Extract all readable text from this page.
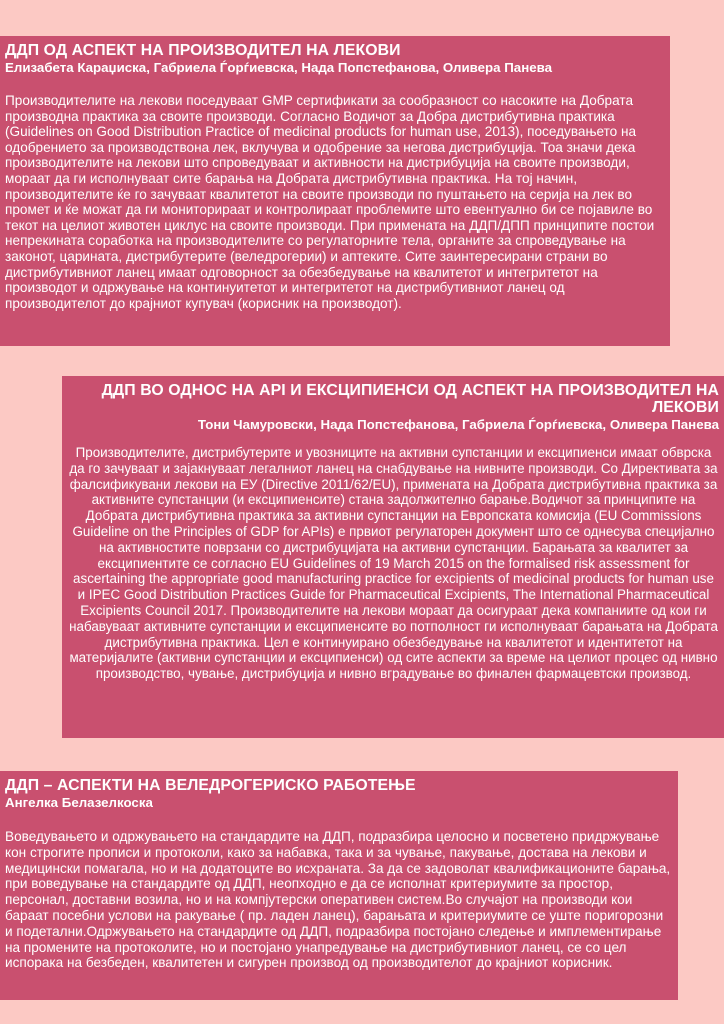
ДДП ОД АСПЕКТ НА ПРОИЗВОДИТЕЛ НА ЛЕКОВИ

Елизабета Караџиска, Габриела Ѓорѓиевска, Нада Попстефанова, Оливера Панева

Производителите на лекови поседуваат GMP сертификати за сообразност со насоките на Добрата производна практика за своите производи. Согласно Водичот за Добра дистрибутивна практика (Guidelines on Good Distribution Practice of medicinal products for human use, 2013), поседувањето на одобрението за производствона лек, вклучува и одобрение за негова дистрибуција. Тоа значи дека производителите на лекови што спроведуваат и активности на дистрибуција на своите производи, мораат да ги исполнуваат сите барања на Добрата дистрибутивна практика. На тој начин, производителите ќе го зачуваат квалитетот на своите производи по пуштањето на серија на лек во промет и ќе можат да ги мониторираат и контролираат проблемите што евентуално би се појавиле во текот на целиот животен циклус на своите производи. При примената на ДДП/ДПП принципите постои непрекината соработка на производителите со регулаторните тела, органите за спроведување на законот, царината, дистрибутерите (веледрогерии) и аптеките. Сите заинтересирани страни во дистрибутивниот ланец имаат одговорност за обезбедување на квалитетот и интегритетот на производот и одржување на континуитетот и интегритетот на дистрибутивниот ланец од производителот до крајниот купувач (корисник на производот).

ДДП ВО ОДНОС НА API И ЕКСЦИПИЕНСИ ОД АСПЕКТ НА ПРОИЗВОДИТЕЛ НА ЛЕКОВИ

Тони Чамуровски, Нада Попстефанова, Габриела Ѓорѓиевска, Оливера Панева

Производителите, дистрибутерите и увозниците на активни супстанции и ексципиенси имаат обврска да го зачуваат и зајакнуваат легалниот ланец на снабдување на нивните производи. Со Директивата за фалсификувани лекови на ЕУ (Directive 2011/62/EU), примената на Добрата дистрибутивна практика за активните супстанции (и ексципиенсите) стана задолжително барање.Водичот за принципите на Добрата дистрибутивна практика за активни супстанции на Европската комисија (EU Commissions Guideline on the Principles of GDP for APIs) е првиот регулаторен документ што се однесува специјално на активностите поврзани со дистрибуцијата на активни супстанции. Барањата за квалитет за ексципиентите се согласно EU Guidelines of 19 March 2015 on the formalised risk assessment for ascertaining the appropriate good manufacturing practice for excipients of medicinal products for human use и IPEC Good Distribution Practices Guide for Pharmaceutical Excipients, The International Pharmaceutical Excipients Council 2017. Производителите на лекови мораат да осигураат дека компаниите од кои ги набавуваат активните супстанции и ексципиенсите во потполност ги исполнуваат барањата на Добрата дистрибутивна практика. Цел е континуирано обезбедување на квалитетот и идентитетот на материјалите (активни супстанции и ексципиенси) од сите аспекти за време на целиот процес од нивно производство, чување, дистрибуција и нивно вградување во финален фармацевтски производ.

ДДП – АСПЕКТИ НА ВЕЛЕДРОГЕРИСКО РАБОТЕЊЕ

Ангелка Белазелкоска

Воведувањето и одржувањето на стандардите на ДДП, подразбира целосно и посветено придржување кон строгите прописи и протоколи, како за набавка, така и за чување, пакување, достава на лекови и медицински помагала, но и на додатоците во исхраната. За да се задоволат квалификационите барања, при воведување на стандардите од ДДП, неопходно е да се исполнат критериумите за простор, персонал, доставни возила, но и на компјутерски оперативен систем.Во случајот на производи кои бараат посебни услови на ракување ( пр. ладен ланец), барањата и критериумите се уште поригорозни и подетални.Одржувањето на стандардите од ДДП, подразбира постојано следење и имплементирање на промените на протоколите, но и постојано унапредување на дистрибутивниот ланец, се со цел испорака на безбеден, квалитетен и сигурен производ од производителот до крајниот корисник.
